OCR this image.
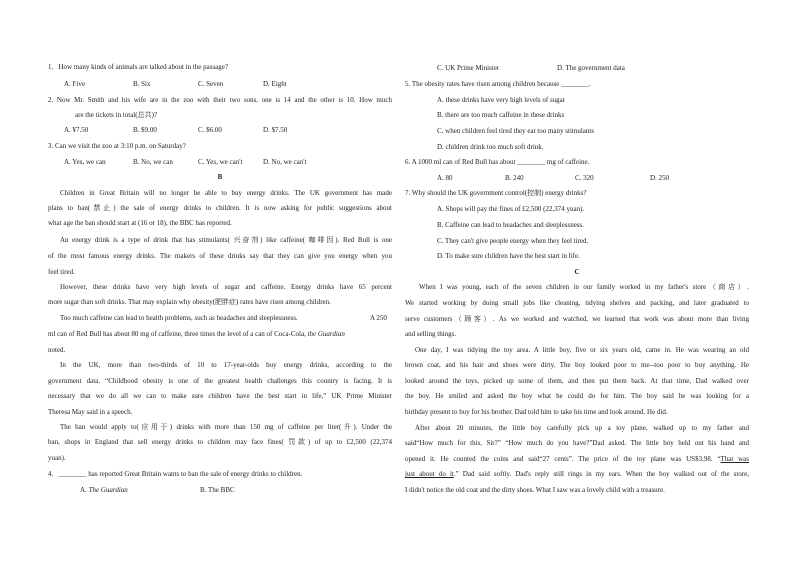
1．How many kinds of animals are talked about in the passage?
A. Five	B. Six	C. Seven	D. Eight
2. Now Mr. Smith and his wife are in the zoo with their two sons, one is 14 and the other is 10. How much
are the tickets in total(总共)?
A. ¥7.50	B. $9.00	C. $6.00	D. $7.50
3. Can we visit the zoo at 3:10 p.m. on Saturday?
A. Yes, we can	B. No, we can	C. Yes, we can't	D. No, we can't
B
Children in Great Britain will no longer be able to buy energy drinks. The UK government has made
plans to ban(禁止) the sale of energy drinks to children. It is now asking for public suggestions about
what age the ban should start at (16 or 18), the BBC has reported.
An energy drink is a type of drink that has stimulants( 兴奋剂) like caffeine( 咖啡因). Red Bull is one
of the most famous energy drinks. The makers of these drinks say that they can give you energy when you
feel tired.
However, these drinks have very high levels of sugar and caffeine. Energy drinks have 65 percent
more sugar than soft drinks. That may explain why obesity(肥胖症) rates have risen among children.
Too much caffeine can lead to health problems, such as headaches and sleeplessness.	A 250
ml can of Red Bull has about 80 mg of caffeine, three times the level of a can of Coca-Cola, the Guardian
noted.
In the UK, more than two-thirds of 10 to 17-year-olds buy energy drinks, according to the
government data. “Childhood obesity is one of the greatest health challenges this country is facing. It is
necessary that we do all we can to make sure children have the best start in life,” UK Prime Minister
Theresa May said in a speech.
The ban would apply to(应用于) drinks with more than 150 mg of caffeine per liter(升). Under the
ban, shops in England that sell energy drinks to children may face fines( 罚款) of up to £2,500 (22,374
yuan).
4．________ has reported Great Britain wants to ban the sale of energy drinks to children.
A. The Guardian	B. The BBC
C. UK Prime Minister	D. The government data
5. The obesity rates have risen among children because ________.
A. these drinks have very high levels of sugar
B. there are too much caffeine in these drinks
C. when children feel tired they eat too many stimulants
D. children drink too much soft drink.
6. A 1000 ml can of Red Bull has about ________ mg of caffeine.
A. 80	B. 240	C. 320	D. 250
7. Why should the UK government control(控制) energy drinks?
A. Shops will pay the fines of £2,500 (22,374 yuan).
B. Caffeine can lead to headaches and sleeplessness.
C. They can't give people energy when they feel tired.
D. To make sure children have the best start in life.
C
When I was young, each of the seven children in our family worked in my father's store（商店）.
We started working by doing small jobs like cleaning, tidying shelves and packing, and later graduated to
serve customers（顾客）. As we worked and watched, we learned that work was about more than living
and selling things.
One day, I was tidying the toy area. A little boy, five or six years old, came in. He was wearing an old
brown coat, and his hair and shoes were dirty. The boy looked poor to me--too poor to buy anything. He
looked around the toys, picked up some of them, and then put them back. At that time, Dad walked over
the boy. He smiled and asked the boy what he could do for him. The boy said he was looking for a
birthday present to buy for his brother. Dad told him to take his time and look around. He did.
After about 20 minutes, the little boy carefully pick up a toy plane, walked up to my father and
said“How much for this, Sir?” “How much do you have?”Dad asked. The little boy held out his hand and
opened it. He counted the coins and said“27 cents”. The price of the toy plane was US$3.98. “That was
just about do it.” Dad said softly. Dad's reply still rings in my ears. When the boy walked out of the store,
I didn't notice the old coat and the dirty shoes. What I saw was a lovely child with a treasure.
